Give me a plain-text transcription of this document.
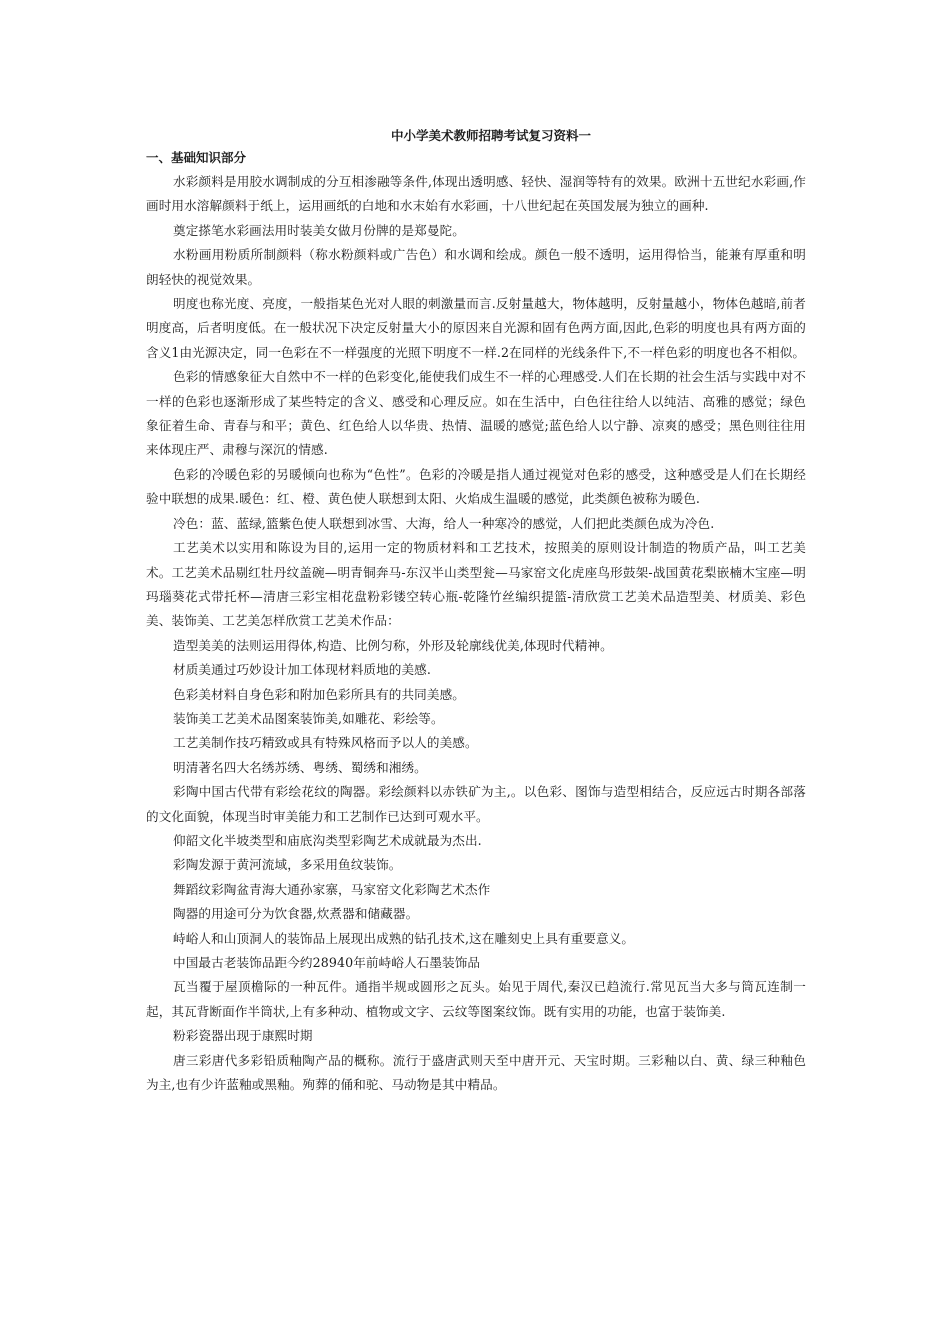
中小学美术教师招聘考试复习资料一

一、基础知识部分

水彩颜料是用胶水调制成的分互相渗融等条件,体现出透明感、轻快、湿润等特有的效果。欧洲十五世纪水彩画,作画时用水溶解颜料于纸上，运用画纸的白地和水末始有水彩画，十八世纪起在英国发展为独立的画种.

奠定搽笔水彩画法用时装美女做月份牌的是郑曼陀。

水粉画用粉质所制颜料（称水粉颜料或广告色）和水调和绘成。颜色一般不透明，运用得恰当，能兼有厚重和明朗轻快的视觉效果。

明度也称光度、亮度，一般指某色光对人眼的刺激量而言.反射量越大，物体越明，反射量越小，物体色越暗,前者明度高，后者明度低。在一般状况下决定反射量大小的原因来自光源和固有色两方面,因此,色彩的明度也具有两方面的含义1由光源决定，同一色彩在不一样强度的光照下明度不一样.2在同样的光线条件下,不一样色彩的明度也各不相似。

色彩的情感象征大自然中不一样的色彩变化,能使我们成生不一样的心理感受.人们在长期的社会生活与实践中对不一样的色彩也逐渐形成了某些特定的含义、感受和心理反应。如在生活中，白色往往给人以纯洁、高雅的感觉；绿色象征着生命、青春与和平；黄色、红色给人以华贵、热情、温暖的感觉;蓝色给人以宁静、凉爽的感受；黑色则往往用来体现庄严、肃穆与深沉的情感.

色彩的冷暖色彩的另暖倾向也称为“色性”。色彩的冷暖是指人通过视觉对色彩的感受，这种感受是人们在长期经验中联想的成果.暖色：红、橙、黄色使人联想到太阳、火焰成生温暖的感觉，此类颜色被称为暖色.

冷色：蓝、蓝绿,篮紫色使人联想到冰雪、大海，给人一种寒冷的感觉，人们把此类颜色成为冷色.

工艺美术以实用和陈设为目的,运用一定的物质材料和工艺技术，按照美的原则设计制造的物质产品，叫工艺美术。工艺美术品剔红牡丹纹盖碗—明青铜奔马-东汉半山类型瓮—马家窑文化虎座鸟形鼓架-战国黄花梨嵌楠木宝座—明玛瑙葵花式带托杯—清唐三彩宝相花盘粉彩镂空转心瓶-乾隆竹丝编织提篮-清欣赏工艺美术品造型美、材质美、彩色美、装饰美、工艺美怎样欣赏工艺美术作品：

造型美美的法则运用得体,构造、比例匀称，外形及轮廓线优美,体现时代精神。

材质美通过巧妙设计加工体现材料质地的美感.

色彩美材料自身色彩和附加色彩所具有的共同美感。

装饰美工艺美术品图案装饰美,如雕花、彩绘等。

工艺美制作技巧精致或具有特殊风格而予以人的美感。

明清著名四大名绣苏绣、粤绣、蜀绣和湘绣。

彩陶中国古代带有彩绘花纹的陶器。彩绘颜料以赤铁矿为主,。以色彩、图饰与造型相结合，反应远古时期各部落的文化面貌，体现当时审美能力和工艺制作已达到可观水平。

仰韶文化半坡类型和庙底沟类型彩陶艺术成就最为杰出.

彩陶发源于黄河流域，多采用鱼纹装饰。

舞蹈纹彩陶盆青海大通孙家寨，马家窑文化彩陶艺术杰作

陶器的用途可分为饮食器,炊煮器和储藏器。

峙峪人和山顶洞人的装饰品上展现出成熟的钻孔技术,这在雕刻史上具有重要意义。

中国最古老装饰品距今约28940年前峙峪人石墨装饰品

瓦当覆于屋顶檐际的一种瓦件。通指半规或圆形之瓦头。始见于周代,秦汉已趋流行.常见瓦当大多与筒瓦连制一起，其瓦背断面作半筒状,上有多种动、植物或文字、云纹等图案纹饰。既有实用的功能，也富于装饰美.

粉彩瓷器出现于康熙时期

唐三彩唐代多彩铅质釉陶产品的概称。流行于盛唐武则天至中唐开元、天宝时期。三彩釉以白、黄、绿三种釉色为主,也有少许蓝釉或黑釉。殉葬的俑和驼、马动物是其中精品。
